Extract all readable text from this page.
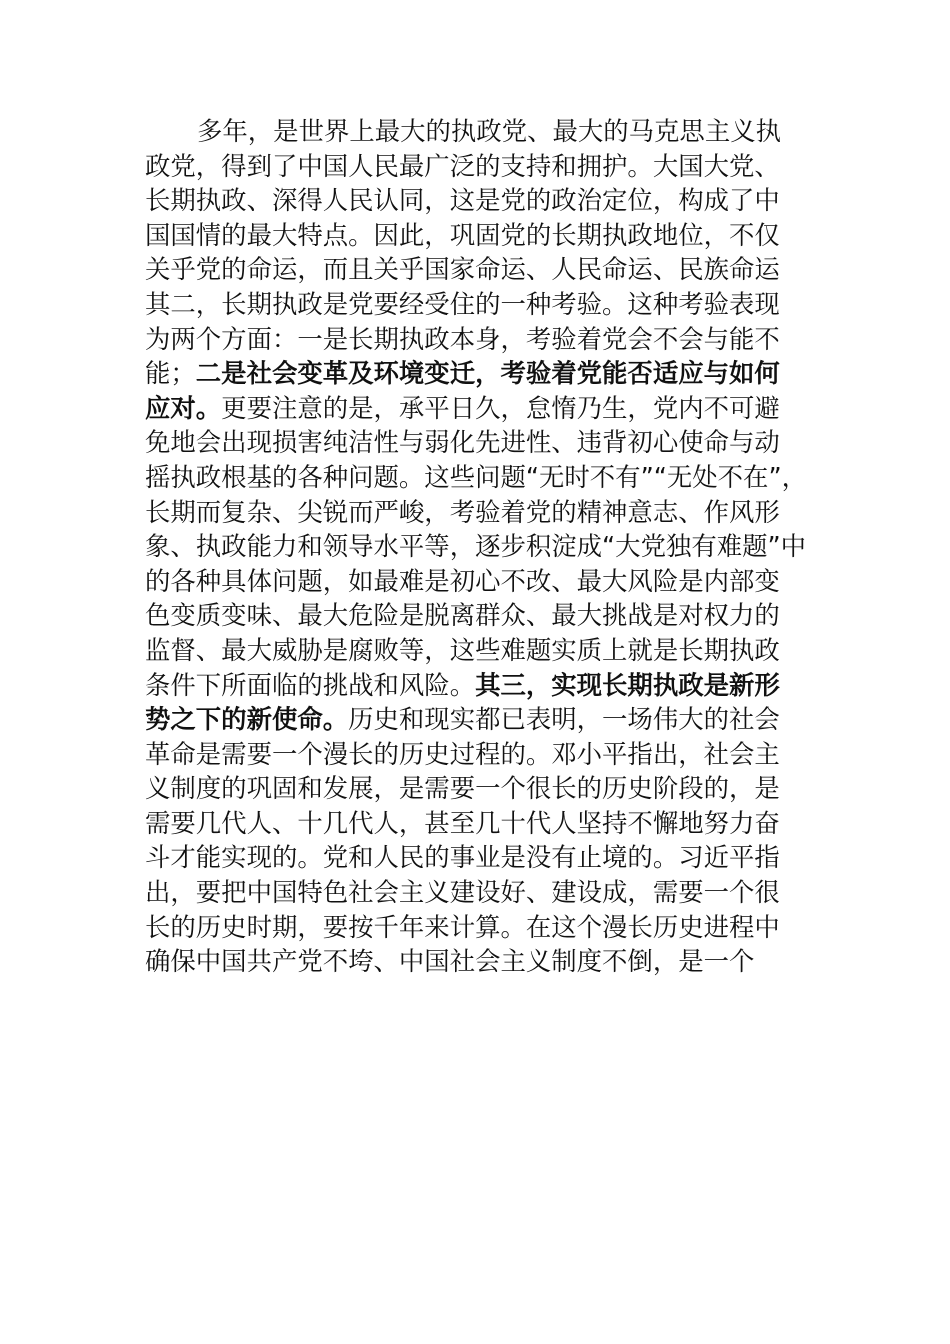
多年，是世界上最大的执政党、最大的马克思主义执
政党，得到了中国人民最广泛的支持和拥护。大国大党、
长期执政、深得人民认同，这是党的政治定位，构成了中
国国情的最大特点。因此，巩固党的长期执政地位，不仅
关乎党的命运，而且关乎国家命运、人民命运、民族命运
其二，长期执政是党要经受住的一种考验。这种考验表现
为两个方面：一是长期执政本身，考验着党会不会与能不
能；二是社会变革及环境变迁，考验着党能否适应与如何
应对。更要注意的是，承平日久，怠惰乃生，党内不可避
免地会出现损害纯洁性与弱化先进性、违背初心使命与动
摇执政根基的各种问题。这些问题“无时不有”“无处不在”，
长期而复杂、尖锐而严峻，考验着党的精神意志、作风形
象、执政能力和领导水平等，逐步积淀成“大党独有难题”中
的各种具体问题，如最难是初心不改、最大风险是内部变
色变质变味、最大危险是脱离群众、最大挑战是对权力的
监督、最大威胁是腐败等，这些难题实质上就是长期执政
条件下所面临的挑战和风险。其三，实现长期执政是新形
势之下的新使命。历史和现实都已表明，一场伟大的社会
革命是需要一个漫长的历史过程的。邓小平指出，社会主
义制度的巩固和发展，是需要一个很长的历史阶段的，是
需要几代人、十几代人，甚至几十代人坚持不懈地努力奋
斗才能实现的。党和人民的事业是没有止境的。习近平指
出，要把中国特色社会主义建设好、建设成，需要一个很
长的历史时期，要按千年来计算。在这个漫长历史进程中
确保中国共产党不垮、中国社会主义制度不倒，是一个
